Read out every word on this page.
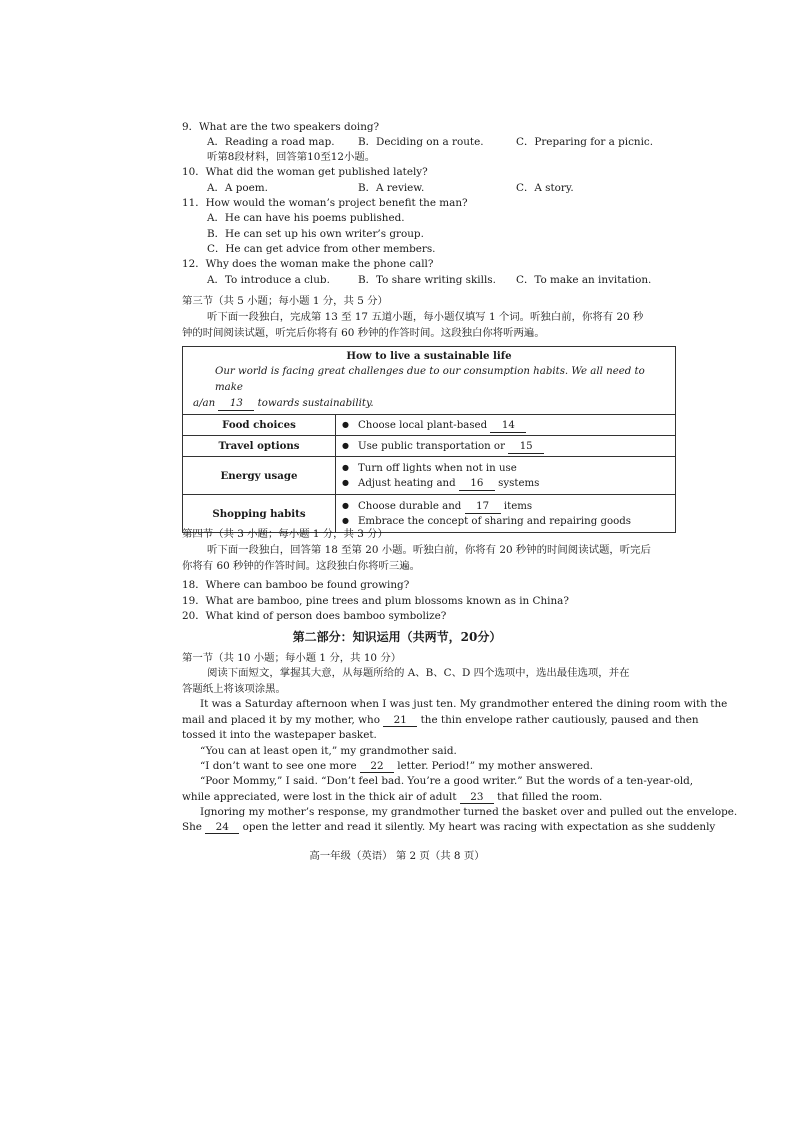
9．What are the two speakers doing?
A．Reading a road map. B．Deciding on a route.	C．Preparing for a picnic.
听第8段材料，回答第10至12小题。
10．What did the woman get published lately?
A．A poem.	B．A review.	C．A story.
11．How would the woman’s project benefit the man?
A．He can have his poems published.
B．He can set up his own writer’s group.
C．He can get advice from other members.
12．Why does the woman make the phone call?
A．To introduce a club.	B．To share writing skills. C．To make an invitation.
第三节（共 5 小题；每小题 1 分，共 5 分）
听下面一段独白，完成第 13 至 17 五道小题，每小题仅填写 1 个词。听独白前，你将有 20 秒
钟的时间阅读试题，听完后你将有 60 秒钟的作答时间。这段独白你将听两遍。
How to live a sustainable life
Our world is facing great challenges due to our consumption habits. We all need to make
a/an 13 towards sustainability.	

Food choices	● Choose local plant-based 14

Travel options	● Use public transportation or 15

Energy usage	● Turn off lights when not in use
● Adjust heating and 16 systems

Shopping habits	● Choose durable and 17 items
● Embrace the concept of sharing and repairing goods
第四节（共 3 小题；每小题 1 分，共 3 分）
听下面一段独白，回答第 18 至第 20 小题。听独白前，你将有 20 秒钟的时间阅读试题，听完后
你将有 60 秒钟的作答时间。这段独白你将听三遍。
18．Where can bamboo be found growing?
19．What are bamboo, pine trees and plum blossoms known as in China?
20．What kind of person does bamboo symbolize?
第二部分：知识运用（共两节，20分）
第一节（共 10 小题；每小题 1 分，共 10 分）
阅读下面短文，掌握其大意，从每题所给的 A、B、C、D 四个选项中，选出最佳选项，并在
答题纸上将该项涂黑。
It was a Saturday afternoon when I was just ten. My grandmother entered the dining room with the
mail and placed it by my mother, who 21 the thin envelope rather cautiously, paused and then
tossed it into the wastepaper basket.
“You can at least open it,” my grandmother said.
“I don’t want to see one more 22 letter. Period!” my mother answered.
“Poor Mommy,” I said. “Don’t feel bad. You’re a good writer.” But the words of a ten-year-old,
while appreciated, were lost in the thick air of adult 23 that filled the room.
Ignoring my mother’s response, my grandmother turned the basket over and pulled out the envelope.
She 24 open the letter and read it silently. My heart was racing with expectation as she suddenly
高一年级（英语） 第 2 页（共 8 页）
